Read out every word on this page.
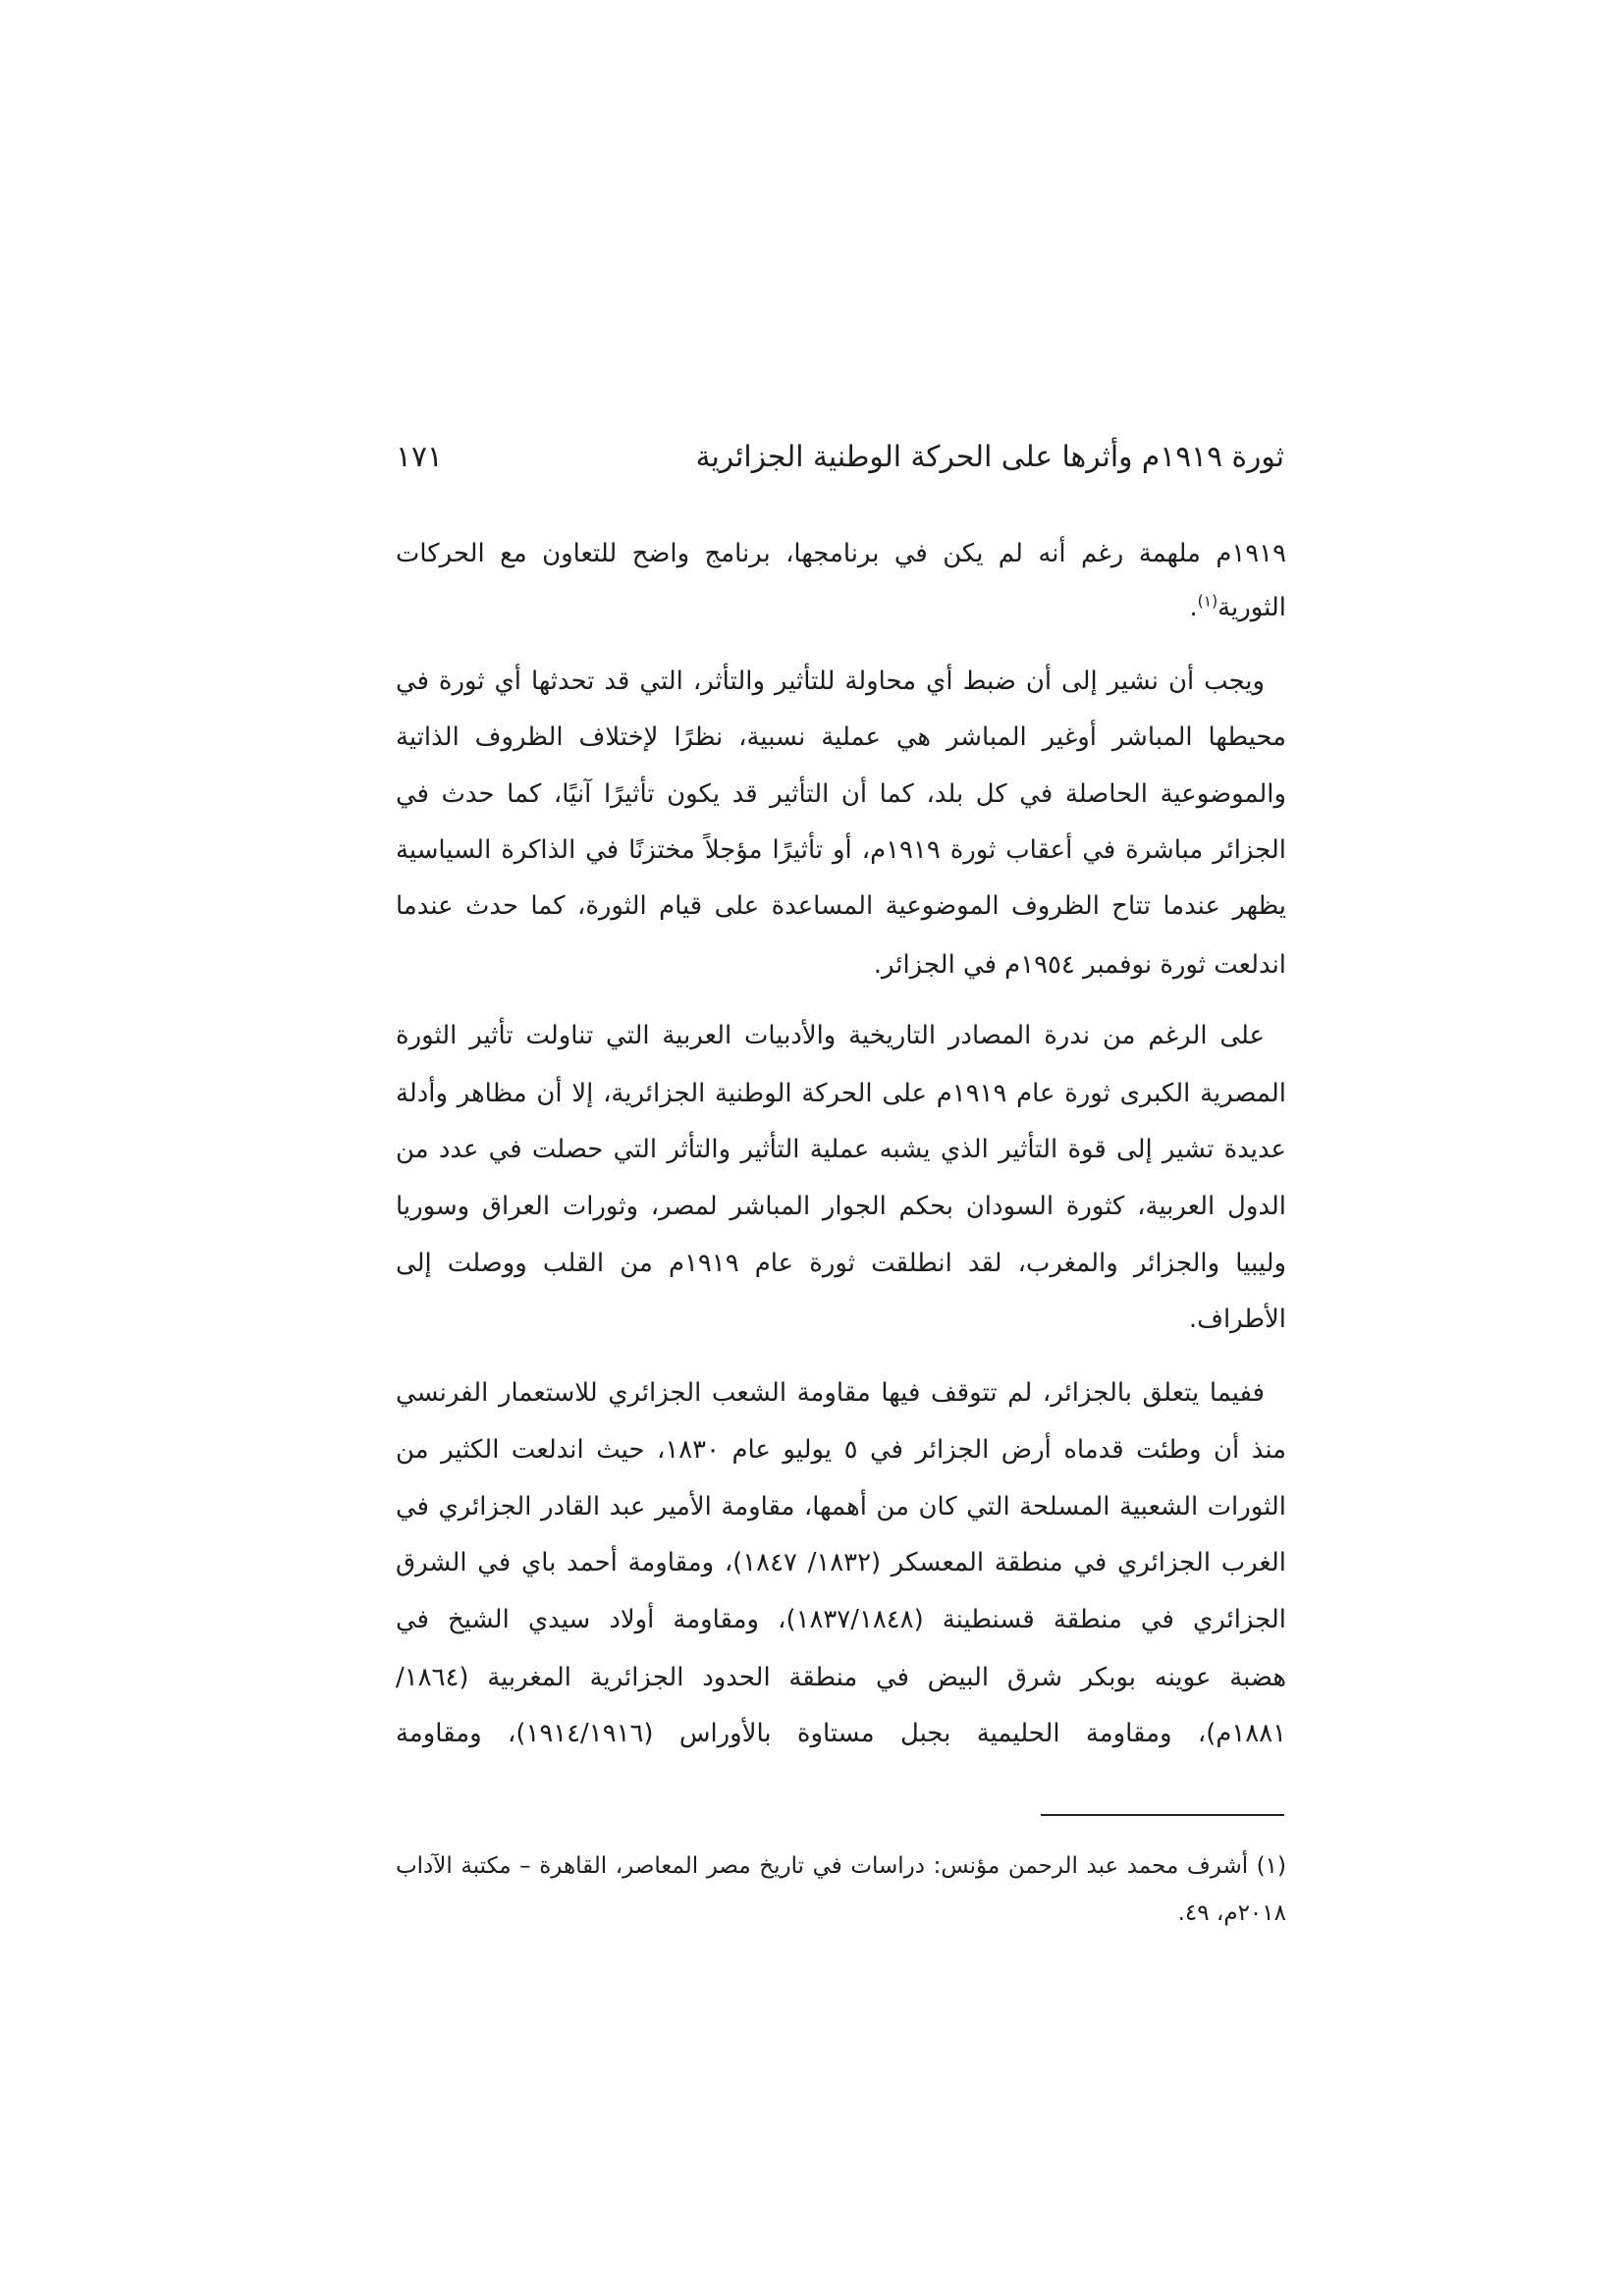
ثورة ١٩١٩م وأثرها على الحركة الوطنية الجزائرية
١٧١
١٩١٩م ملهمة رغم أنه لم يكن في برنامجها، برنامج واضح للتعاون مع الحركات
الثورية$^{(١)}$.
ويجب أن نشير إلى أن ضبط أي محاولة للتأثير والتأثر، التي قد تحدثها أي ثورة في
محيطها المباشر أوغير المباشر هي عملية نسبية، نظرًا لإختلاف الظروف الذاتية
والموضوعية الحاصلة في كل بلد، كما أن التأثير قد يكون تأثيرًا آنيًا، كما حدث في
الجزائر مباشرة في أعقاب ثورة ١٩١٩م، أو تأثيرًا مؤجلاً مختزنًا في الذاكرة السياسية
يظهر عندما تتاح الظروف الموضوعية المساعدة على قيام الثورة، كما حدث عندما
اندلعت ثورة نوفمبر ١٩٥٤م في الجزائر.
على الرغم من ندرة المصادر التاريخية والأدبيات العربية التي تناولت تأثير الثورة
المصرية الكبرى ثورة عام ١٩١٩م على الحركة الوطنية الجزائرية، إلا أن مظاهر وأدلة
عديدة تشير إلى قوة التأثير الذي يشبه عملية التأثير والتأثر التي حصلت في عدد من
الدول العربية، كثورة السودان بحكم الجوار المباشر لمصر، وثورات العراق وسوريا
وليبيا والجزائر والمغرب، لقد انطلقت ثورة عام ١٩١٩م من القلب ووصلت إلى
الأطراف.
ففيما يتعلق بالجزائر، لم تتوقف فيها مقاومة الشعب الجزائري للاستعمار الفرنسي
منذ أن وطئت قدماه أرض الجزائر في ٥ يوليو عام ١٨٣٠، حيث اندلعت الكثير من
الثورات الشعبية المسلحة التي كان من أهمها، مقاومة الأمير عبد القادر الجزائري في
الغرب الجزائري في منطقة المعسكر (١٨٣٢/ ١٨٤٧)، ومقاومة أحمد باي في الشرق
الجزائري في منطقة قسنطينة (١٨٣٧/١٨٤٨)، ومقاومة أولاد سيدي الشيخ في
هضبة عوينه بوبكر شرق البيض في منطقة الحدود الجزائرية المغربية (١٨٦٤/
١٨٨١م)، ومقاومة الحليمية بجبل مستاوة بالأوراس (١٩١٤/١٩١٦)، ومقاومة
(١) أشرف محمد عبد الرحمن مؤنس: دراسات في تاريخ مصر المعاصر، القاهرة – مكتبة الآداب
٢٠١٨م، ٤٩.
